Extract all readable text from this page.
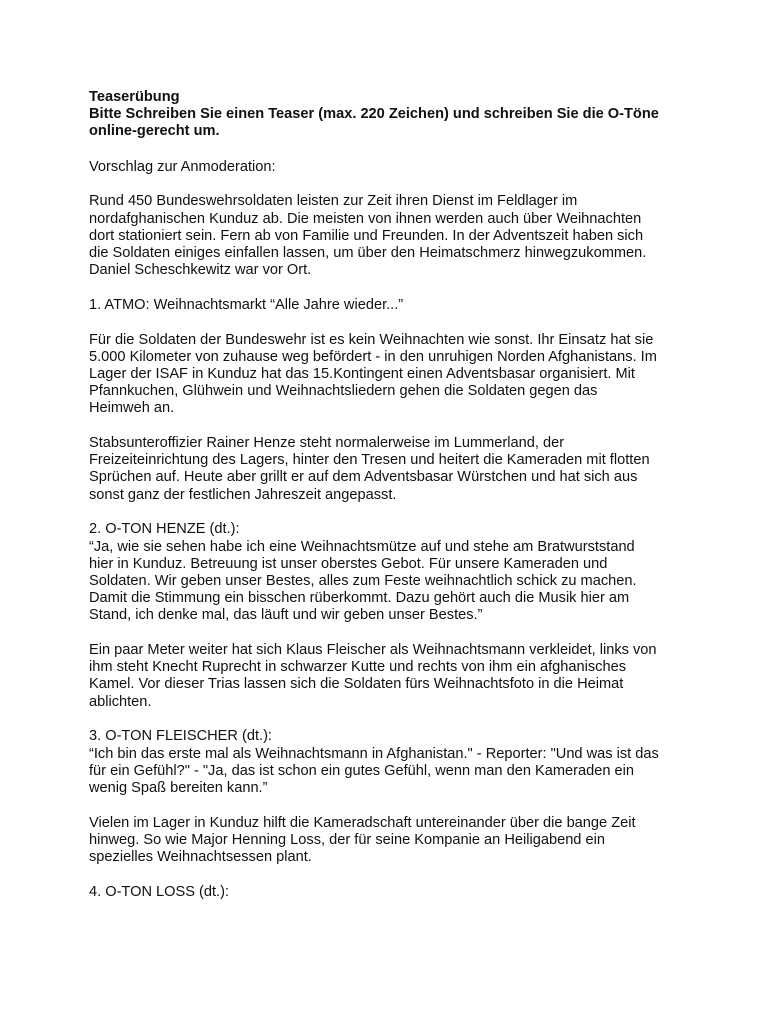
Teaserübung
Bitte Schreiben Sie einen Teaser (max. 220 Zeichen) und schreiben Sie die O-Töne
online-gerecht um.
Vorschlag zur Anmoderation:
Rund 450 Bundeswehrsoldaten leisten zur Zeit ihren Dienst im Feldlager im
nordafghanischen Kunduz ab. Die meisten von ihnen werden auch über Weihnachten
dort stationiert sein. Fern ab von Familie und Freunden. In der Adventszeit haben sich
die Soldaten einiges einfallen lassen, um über den Heimatschmerz hinwegzukommen.
Daniel Scheschkewitz war vor Ort.
1. ATMO: Weihnachtsmarkt “Alle Jahre wieder...”
Für die Soldaten der Bundeswehr ist es kein Weihnachten wie sonst. Ihr Einsatz hat sie
5.000 Kilometer von zuhause weg befördert - in den unruhigen Norden Afghanistans. Im
Lager der ISAF in Kunduz hat das 15.Kontingent einen Adventsbasar organisiert. Mit
Pfannkuchen, Glühwein und Weihnachtsliedern gehen die Soldaten gegen das
Heimweh an.
Stabsunteroffizier Rainer Henze steht normalerweise im Lummerland, der
Freizeiteinrichtung des Lagers, hinter den Tresen und heitert die Kameraden mit flotten
Sprüchen auf. Heute aber grillt er auf dem Adventsbasar Würstchen und hat sich aus
sonst ganz der festlichen Jahreszeit angepasst.
2. O-TON HENZE (dt.):
“Ja, wie sie sehen habe ich eine Weihnachtsmütze auf und stehe am Bratwurststand
hier in Kunduz. Betreuung ist unser oberstes Gebot. Für unsere Kameraden und
Soldaten. Wir geben unser Bestes, alles zum Feste weihnachtlich schick zu machen.
Damit die Stimmung ein bisschen rüberkommt. Dazu gehört auch die Musik hier am
Stand, ich denke mal, das läuft und wir geben unser Bestes.”
Ein paar Meter weiter hat sich Klaus Fleischer als Weihnachtsmann verkleidet, links von
ihm steht Knecht Ruprecht in schwarzer Kutte und rechts von ihm ein afghanisches
Kamel. Vor dieser Trias lassen sich die Soldaten fürs Weihnachtsfoto in die Heimat
ablichten.
3. O-TON FLEISCHER (dt.):
“Ich bin das erste mal als Weihnachtsmann in Afghanistan." - Reporter: "Und was ist das
für ein Gefühl?" - "Ja, das ist schon ein gutes Gefühl, wenn man den Kameraden ein
wenig Spaß bereiten kann.”
Vielen im Lager in Kunduz hilft die Kameradschaft untereinander über die bange Zeit
hinweg. So wie Major Henning Loss, der für seine Kompanie an Heiligabend ein
spezielles Weihnachtsessen plant.
4. O-TON LOSS (dt.):
